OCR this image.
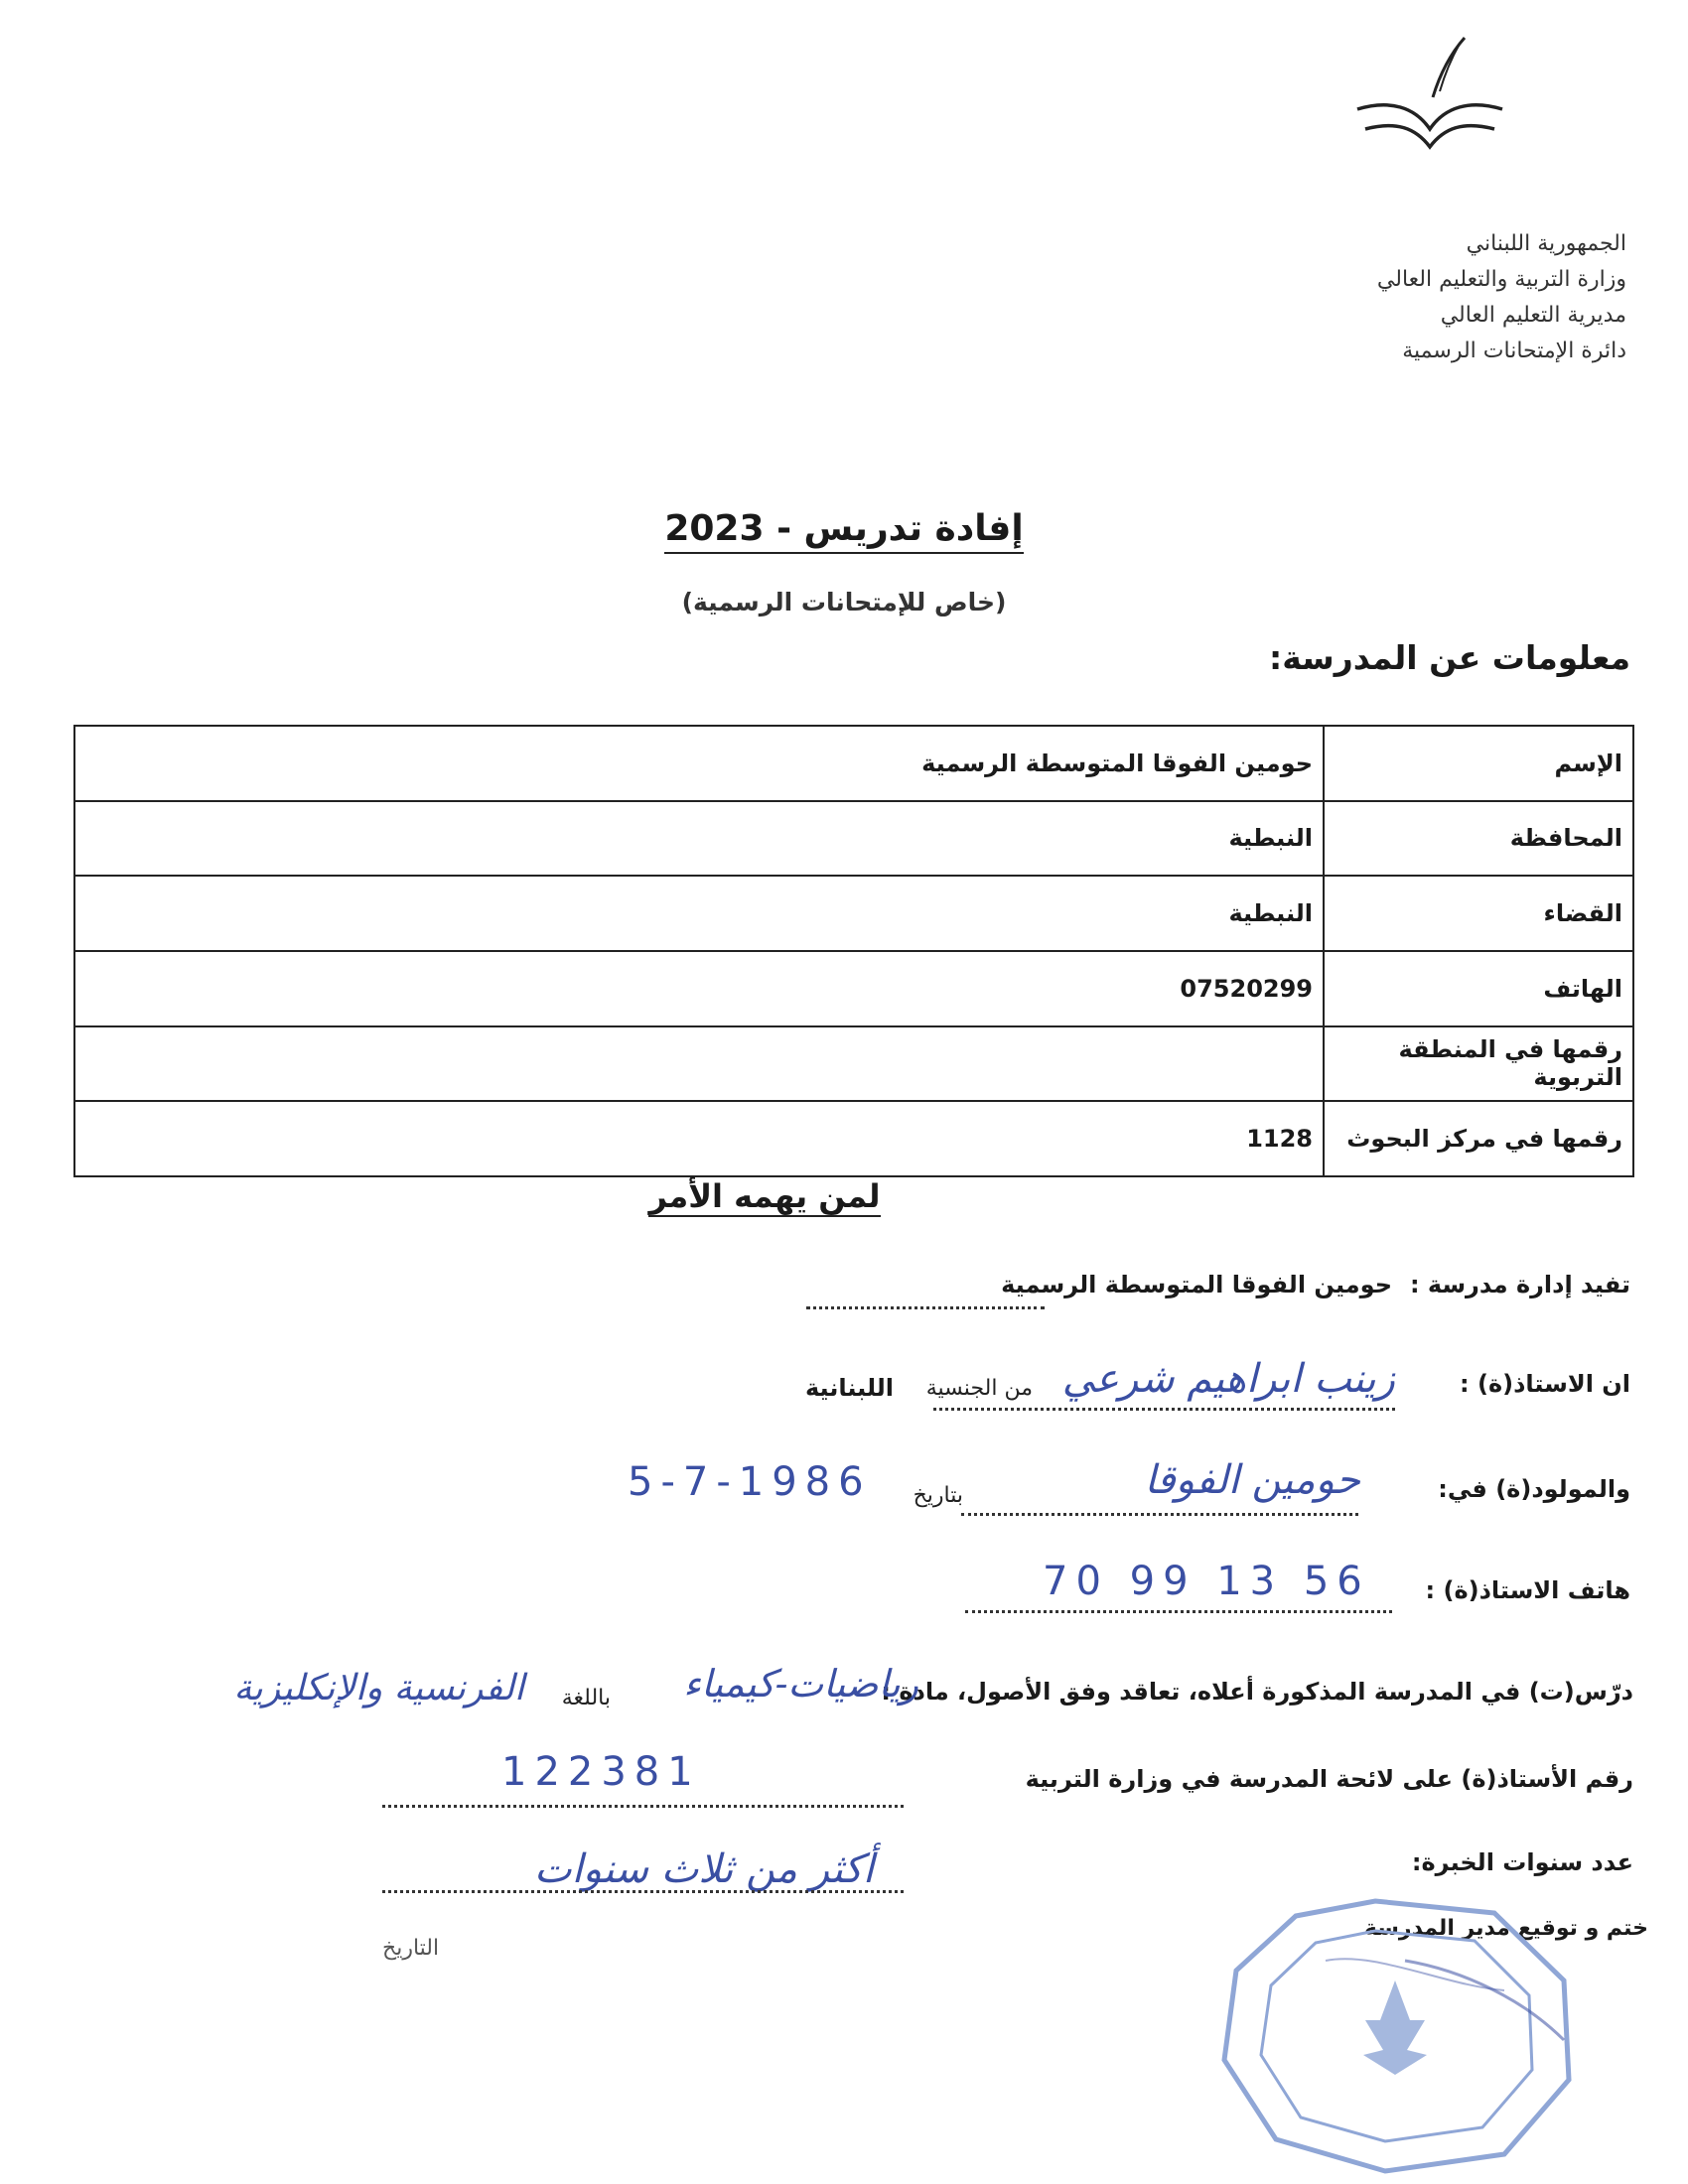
الجمهورية اللبناني
وزارة التربية والتعليم العالي
مديرية التعليم العالي
دائرة الإمتحانات الرسمية
إفادة تدريس - 2023
(خاص للإمتحانات الرسمية)
معلومات عن المدرسة:
حومين الفوقا المتوسطة الرسمية	الإسم
النبطية	المحافظة
النبطية	القضاء
07520299	الهاتف
	رقمها في المنطقة التربوية
1128	رقمها في مركز البحوث
لمن يهمه الأمر
تفيد إدارة مدرسة :
حومين الفوقا المتوسطة الرسمية
ان الاستاذ(ة) :
زينب ابراهيم شرعي
من الجنسية
اللبنانية
والمولود(ة) في:
حومين الفوقا
بتاريخ
5-7-1986
هاتف الاستاذ(ة) :
70 99 13 56
درّس(ت) في المدرسة المذكورة أعلاه، تعاقد وفق الأصول، مادة :
رياضيات-كيمياء
باللغة
الفرنسية والإنكليزية
رقم الأستاذ(ة) على لائحة المدرسة في وزارة التربية
122381
عدد سنوات الخبرة:
أكثر من ثلاث سنوات
ختم و توقيع مدير المدرسة
التاريخ
